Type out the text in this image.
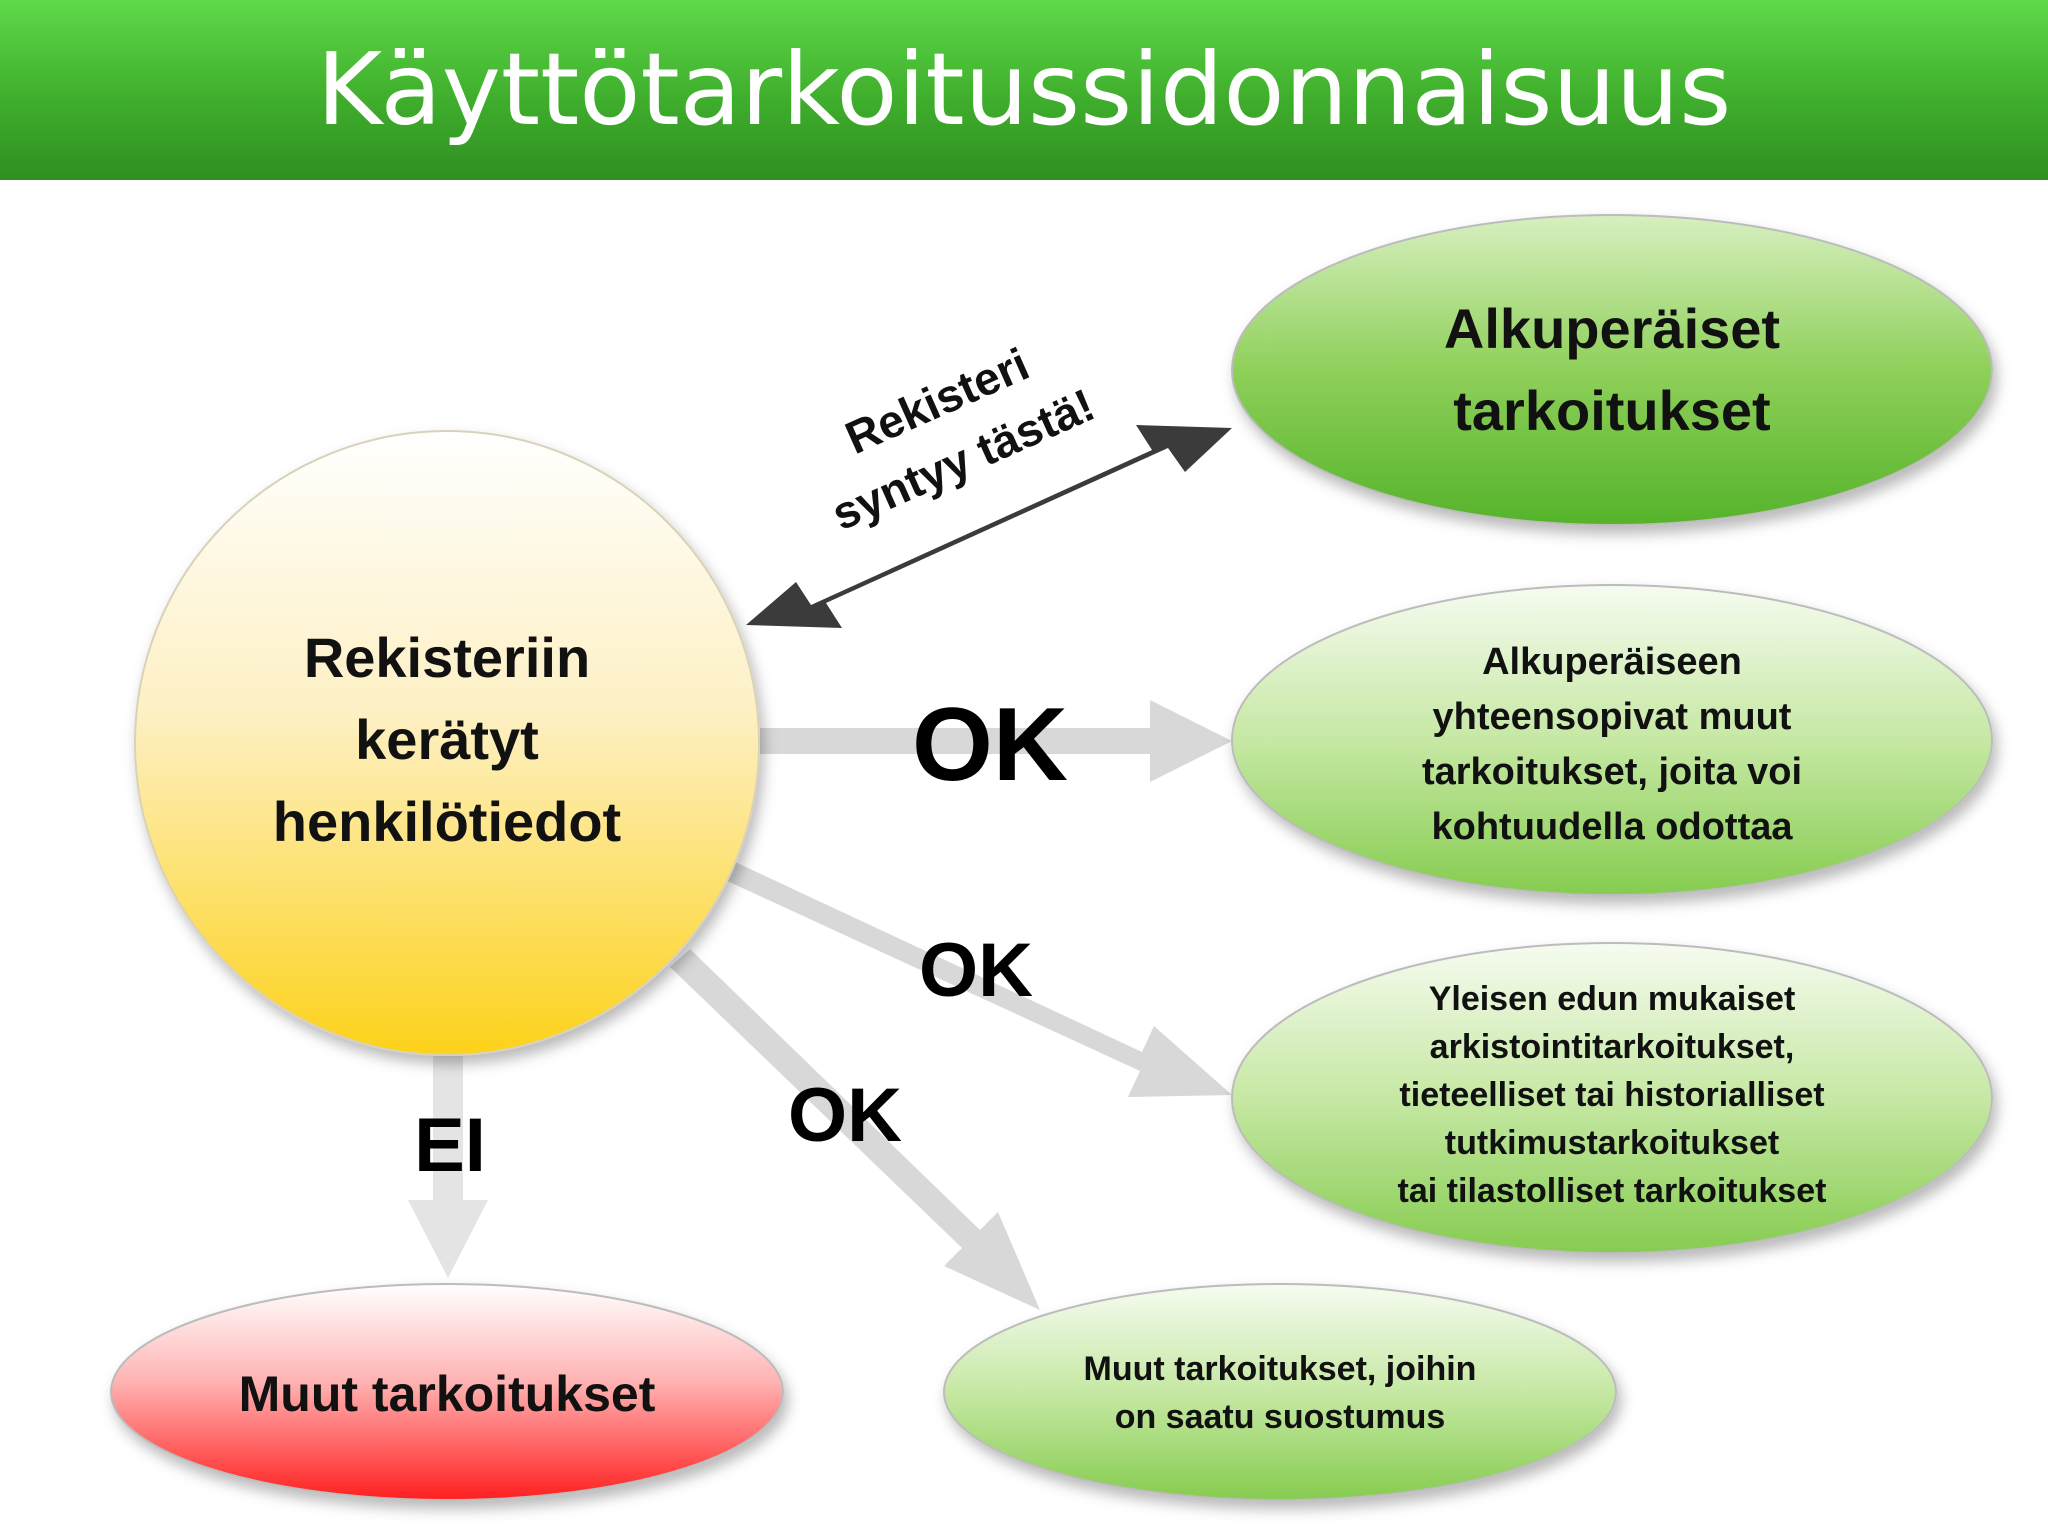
Käyttötarkoitussidonnaisuus
Rekisteriin
kerätyt
henkilötiedot
Rekisteri
syntyy tästä!
Alkuperäiset
tarkoitukset
Alkuperäiseen
yhteensopivat muut
tarkoitukset, joita voi
kohtuudella odottaa
Yleisen edun mukaiset
arkistointitarkoitukset,
tieteelliset tai historialliset
tutkimustarkoitukset
tai tilastolliset tarkoitukset
Muut tarkoitukset, joihin
on saatu suostumus
Muut tarkoitukset
OK
OK
OK
EI
